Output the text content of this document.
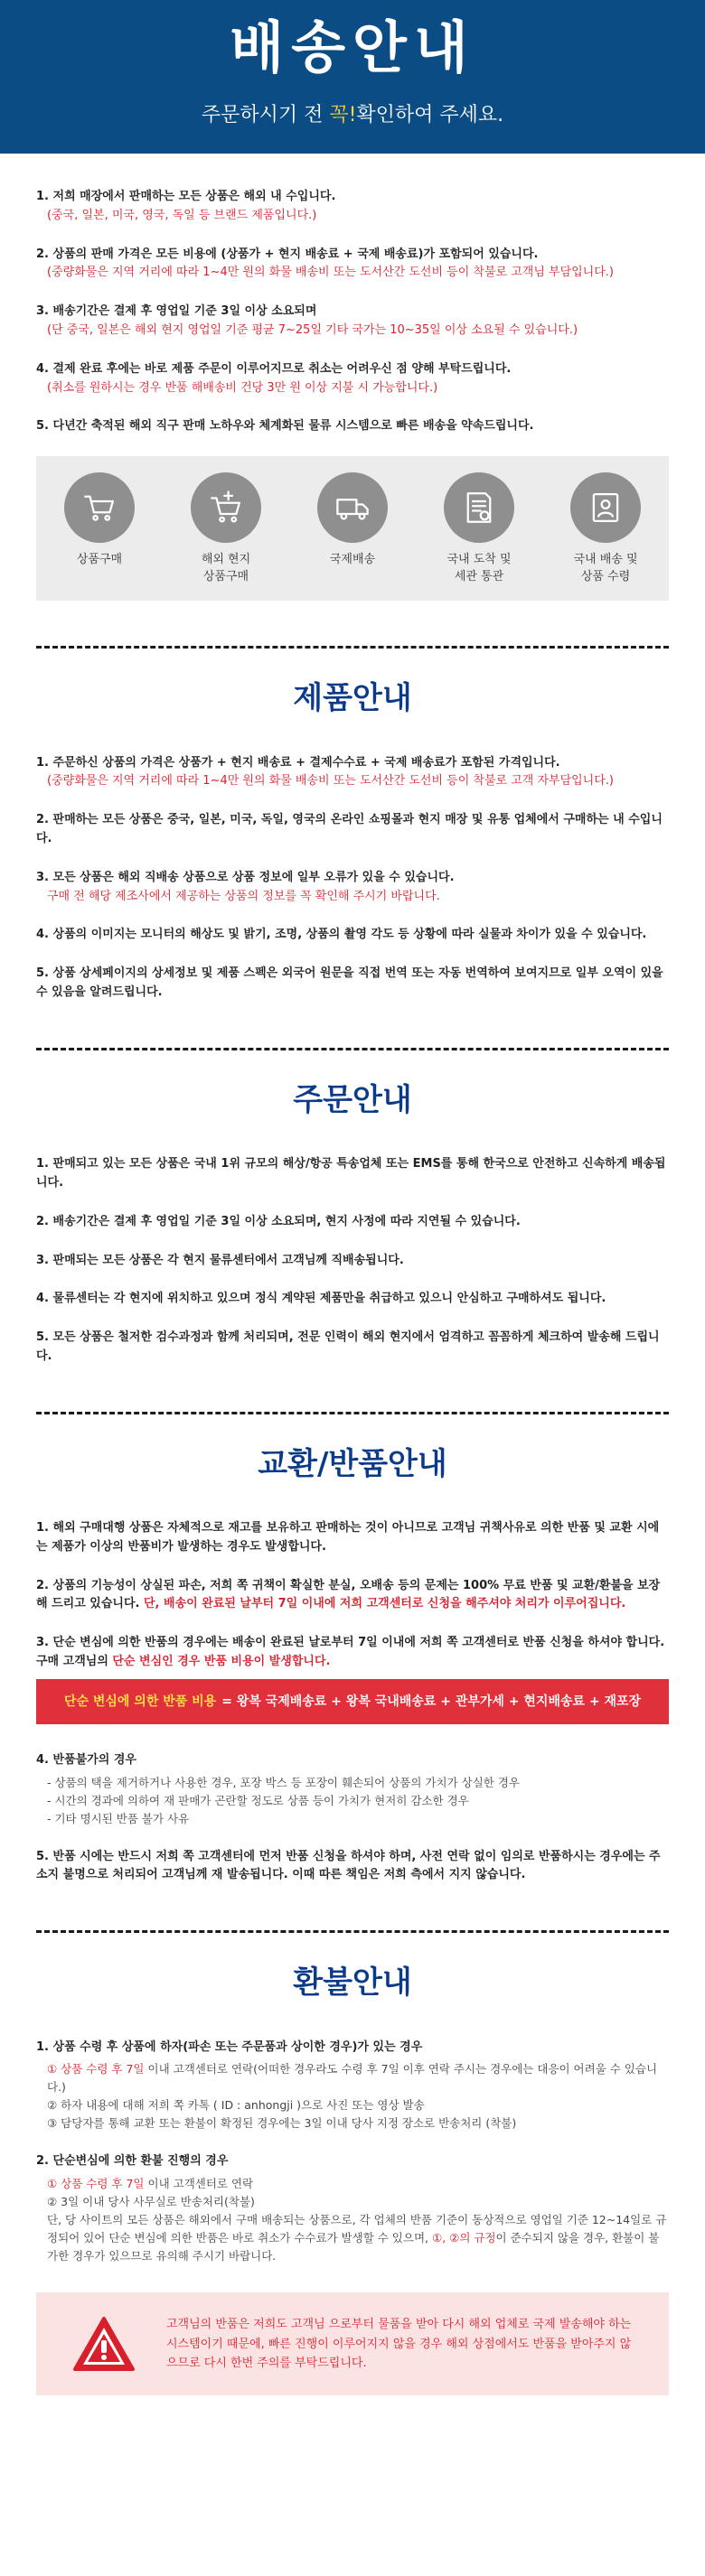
배송안내
주문하시기 전 꼭!확인하여 주세요.
1. 저희 매장에서 판매하는 모든 상품은 해외 내 수입니다.
(중국, 일본, 미국, 영국, 독일 등 브랜드 제품입니다.)
2. 상품의 판매 가격은 모든 비용에 (상품가 + 현지 배송료 + 국제 배송료)가 포함되어 있습니다.
(중량화물은 지역 거리에 따라 1~4만 원의 화물 배송비 또는 도서산간 도선비 등이 착불로 고객님 부담입니다.)
3. 배송기간은 결제 후 영업일 기준 3일 이상 소요되며
(단 중국, 일본은 해외 현지 영업일 기준 평균 7~25일 기타 국가는 10~35일 이상 소요될 수 있습니다.)
4. 결제 완료 후에는 바로 제품 주문이 이루어지므로 취소는 어려우신 점 양해 부탁드립니다.
(취소를 원하시는 경우 반품 해배송비 건당 3만 원 이상 지불 시 가능합니다.)
5. 다년간 축적된 해외 직구 판매 노하우와 체계화된 물류 시스템으로 빠른 배송을 약속드립니다.
상품구매	해외 현지
상품구매
국제배송	국내 도착 및
세관 통관
국내 배송 및
상품 수령
제품안내
1. 주문하신 상품의 가격은 상품가 + 현지 배송료 + 결제수수료 + 국제 배송료가 포함된 가격입니다.
(중량화물은 지역 거리에 따라 1~4만 원의 화물 배송비 또는 도서산간 도선비 등이 착불로 고객 자부담입니다.)
2. 판매하는 모든 상품은 중국, 일본, 미국, 독일, 영국의 온라인 쇼핑몰과 현지 매장 및 유통 업체에서 구매하는 내 수입니다.
3. 모든 상품은 해외 직배송 상품으로 상품 정보에 일부 오류가 있을 수 있습니다.
구매 전 해당 제조사에서 제공하는 상품의 정보를 꼭 확인해 주시기 바랍니다.
4. 상품의 이미지는 모니터의 해상도 및 밝기, 조명, 상품의 촬영 각도 등 상황에 따라 실물과 차이가 있을 수 있습니다.
5. 상품 상세페이지의 상세정보 및 제품 스펙은 외국어 원문을 직접 번역 또는 자동 번역하여 보여지므로 일부 오역이 있을 수 있음을 알려드립니다.
주문안내
1. 판매되고 있는 모든 상품은 국내 1위 규모의 해상/항공 특송업체 또는 EMS를 통해 한국으로 안전하고 신속하게 배송됩니다.
2. 배송기간은 결제 후 영업일 기준 3일 이상 소요되며, 현지 사정에 따라 지연될 수 있습니다.
3. 판매되는 모든 상품은 각 현지 물류센터에서 고객님께 직배송됩니다.
4. 물류센터는 각 현지에 위치하고 있으며 정식 계약된 제품만을 취급하고 있으니 안심하고 구매하셔도 됩니다.
5. 모든 상품은 철저한 검수과정과 함께 처리되며, 전문 인력이 해외 현지에서 엄격하고 꼼꼼하게 체크하여 발송해 드립니다.
교환/반품안내
1. 해외 구매대행 상품은 자체적으로 재고를 보유하고 판매하는 것이 아니므로 고객님 귀책사유로 의한 반품 및 교환 시에는 제품가 이상의 반품비가 발생하는 경우도 발생합니다.
2. 상품의 기능성이 상실된 파손, 저희 쪽 귀책이 확실한 분실, 오배송 등의 문제는 100% 무료 반품 및 교환/환불을 보장해 드리고 있습니다. 단, 배송이 완료된 날부터 7일 이내에 저희 고객센터로 신청을 해주셔야 처리가 이루어집니다.
3. 단순 변심에 의한 반품의 경우에는 배송이 완료된 날로부터 7일 이내에 저희 쪽 고객센터로 반품 신청을 하셔야 합니다. 구매 고객님의 단순 변심인 경우 반품 비용이 발생합니다.
단순 변심에 의한 반품 비용 = 왕복 국제배송료 + 왕복 국내배송료 + 관부가세 + 현지배송료 + 재포장
4. 반품불가의 경우
- 상품의 택을 제거하거나 사용한 경우, 포장 박스 등 포장이 훼손되어 상품의 가치가 상실한 경우
- 시간의 경과에 의하여 재 판매가 곤란할 정도로 상품 등이 가치가 현저히 감소한 경우
- 기타 명시된 반품 불가 사유
5. 반품 시에는 반드시 저희 쪽 고객센터에 먼저 반품 신청을 하셔야 하며, 사전 연락 없이 임의로 반품하시는 경우에는 주소지 불명으로 처리되어 고객님께 재 발송됩니다. 이때 따른 책임은 저희 측에서 지지 않습니다.
환불안내
1. 상품 수령 후 상품에 하자(파손 또는 주문품과 상이한 경우)가 있는 경우
① 상품 수령 후 7일 이내 고객센터로 연락(어떠한 경우라도 수령 후 7일 이후 연락 주시는 경우에는 대응이 어려울 수 있습니다.)
② 하자 내용에 대해 저희 쪽 카톡 ( ID : anhongji )으로 사진 또는 영상 발송
③ 담당자를 통해 교환 또는 환불이 확정된 경우에는 3일 이내 당사 지정 장소로 반송처리 (착불)
2. 단순변심에 의한 환불 진행의 경우
① 상품 수령 후 7일 이내 고객센터로 연락
② 3일 이내 당사 사무실로 반송처리(착불)
단, 당 사이트의 모든 상품은 해외에서 구매 배송되는 상품으로, 각 업체의 반품 기준이 동상적으로 영업일 기준 12~14일로 규정되어 있어 단순 변심에 의한 반품은 바로 취소가 수수료가 발생할 수 있으며, ①, ②의 규정이 준수되지 않을 경우, 환불이 불가한 경우가 있으므로 유의해 주시기 바랍니다.
고객님의 반품은 저희도 고객님 으로부터 물품을 받아 다시 해외 업체로 국제 발송해야 하는 시스템이기 때문에, 빠른 진행이 이루어지지 않을 경우 해외 상점에서도 반품을 받아주지 않으므로 다시 한번 주의를 부탁드립니다.
